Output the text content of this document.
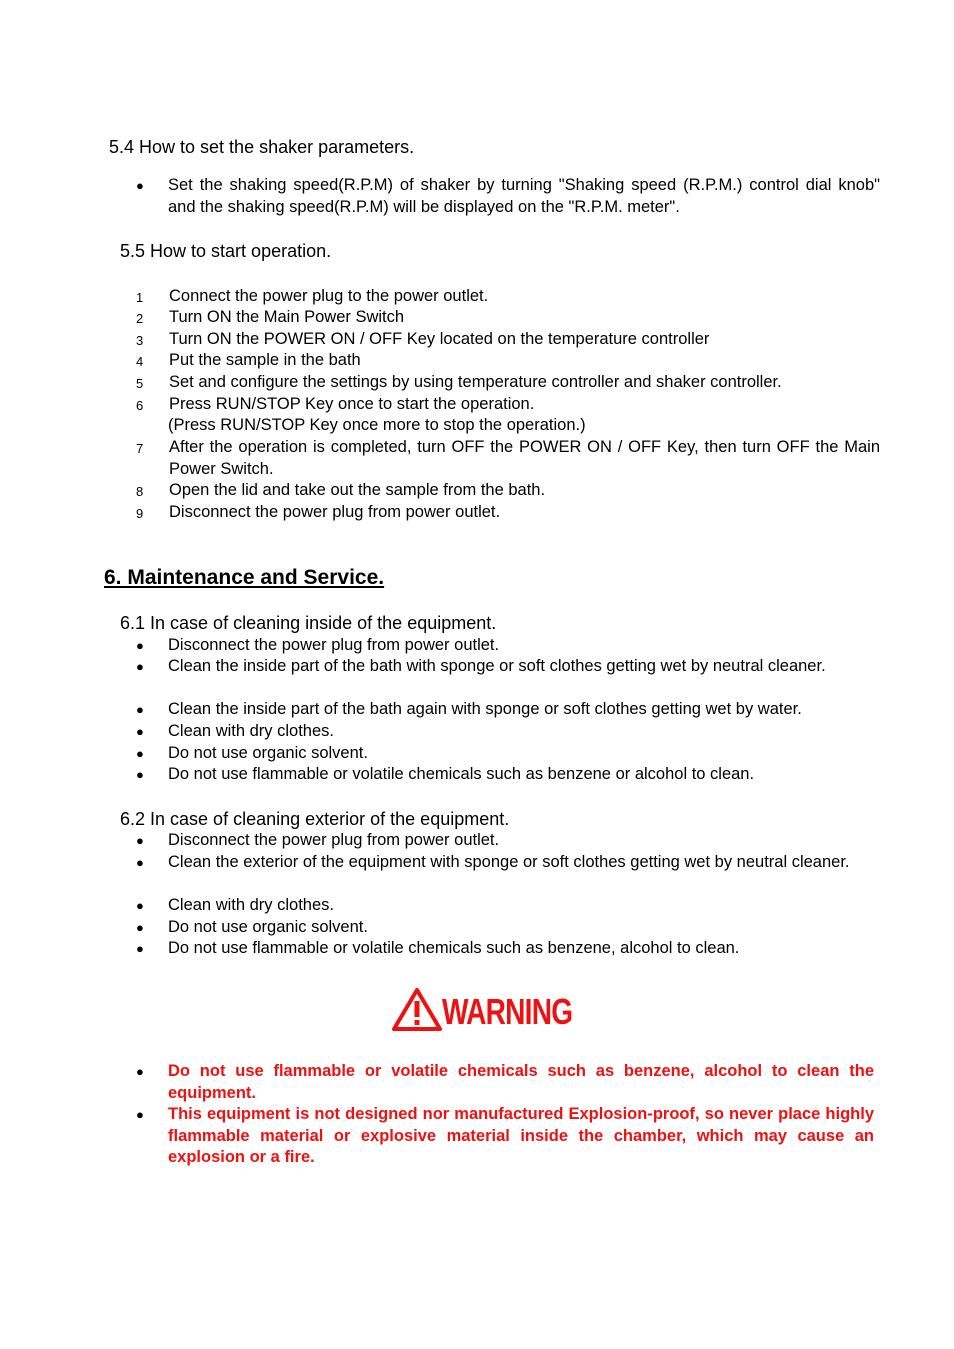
5.4 How to set the shaker parameters.
● Set the shaking speed(R.P.M) of shaker by turning "Shaking speed (R.P.M.) control dial knob" and the shaking speed(R.P.M) will be displayed on the "R.P.M. meter".
5.5 How to start operation.
1 Connect the power plug to the power outlet.
2 Turn ON the Main Power Switch
3 Turn ON the POWER ON / OFF Key located on the temperature controller
4 Put the sample in the bath
5 Set and configure the settings by using temperature controller and shaker controller.
6 Press RUN/STOP Key once to start the operation.
(Press RUN/STOP Key once more to stop the operation.)
7 After the operation is completed, turn OFF the POWER ON / OFF Key, then turn OFF the Main Power Switch.
8 Open the lid and take out the sample from the bath.
9 Disconnect the power plug from power outlet.
6. Maintenance and Service.
6.1 In case of cleaning inside of the equipment.
● Disconnect the power plug from power outlet.
● Clean the inside part of the bath with sponge or soft clothes getting wet by neutral cleaner.
● Clean the inside part of the bath again with sponge or soft clothes getting wet by water.
● Clean with dry clothes.
● Do not use organic solvent.
● Do not use flammable or volatile chemicals such as benzene or alcohol to clean.
6.2 In case of cleaning exterior of the equipment.
● Disconnect the power plug from power outlet.
● Clean the exterior of the equipment with sponge or soft clothes getting wet by neutral cleaner.
● Clean with dry clothes.
● Do not use organic solvent.
● Do not use flammable or volatile chemicals such as benzene, alcohol to clean.
WARNING
● Do not use flammable or volatile chemicals such as benzene, alcohol to clean the equipment.
● This equipment is not designed nor manufactured Explosion-proof, so never place highly flammable material or explosive material inside the chamber, which may cause an explosion or a fire.
